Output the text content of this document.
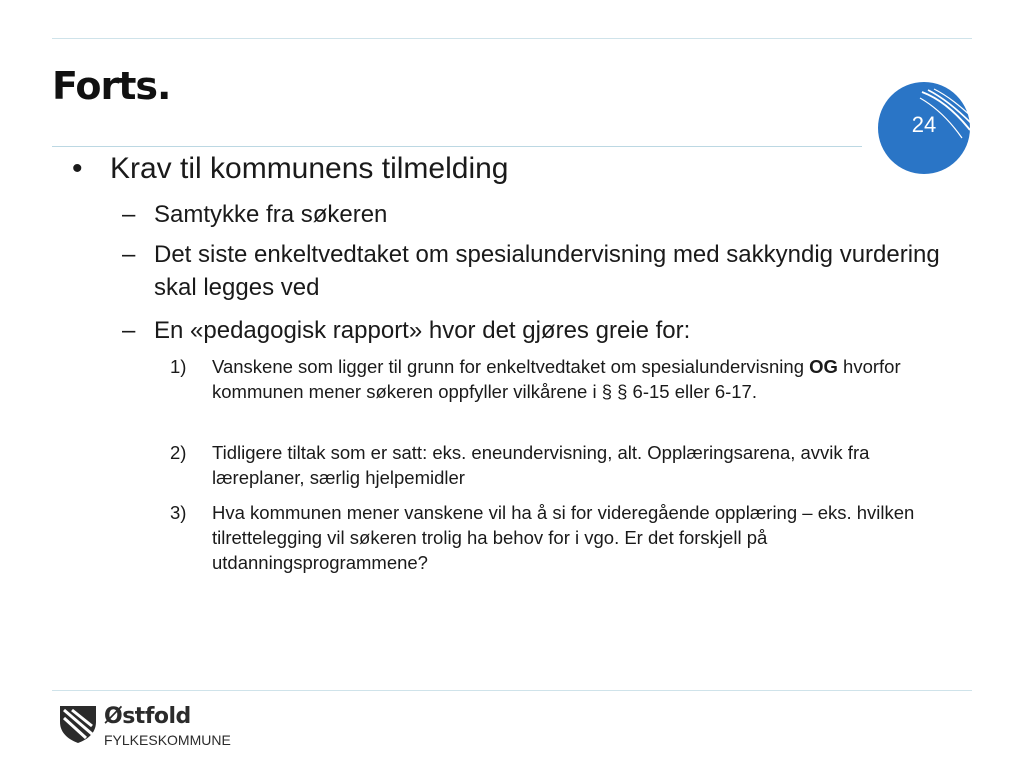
Forts.
24
• Krav til kommunens tilmelding
– Samtykke fra søkeren
– Det siste enkeltvedtaket om spesialundervisning med sakkyndig vurdering skal legges ved
– En «pedagogisk rapport» hvor det gjøres greie for:
1) Vanskene som ligger til grunn for enkeltvedtaket om spesialundervisning OG hvorfor kommunen mener søkeren oppfyller vilkårene i § § 6-15 eller 6-17.
2) Tidligere tiltak som er satt: eks. eneundervisning, alt. Opplæringsarena, avvik fra læreplaner, særlig hjelpemidler
3) Hva kommunen mener vanskene vil ha å si for videregående opplæring – eks. hvilken tilrettelegging vil søkeren trolig ha behov for i vgo. Er det forskjell på utdanningsprogrammene?
Østfold
FYLKESKOMMUNE
